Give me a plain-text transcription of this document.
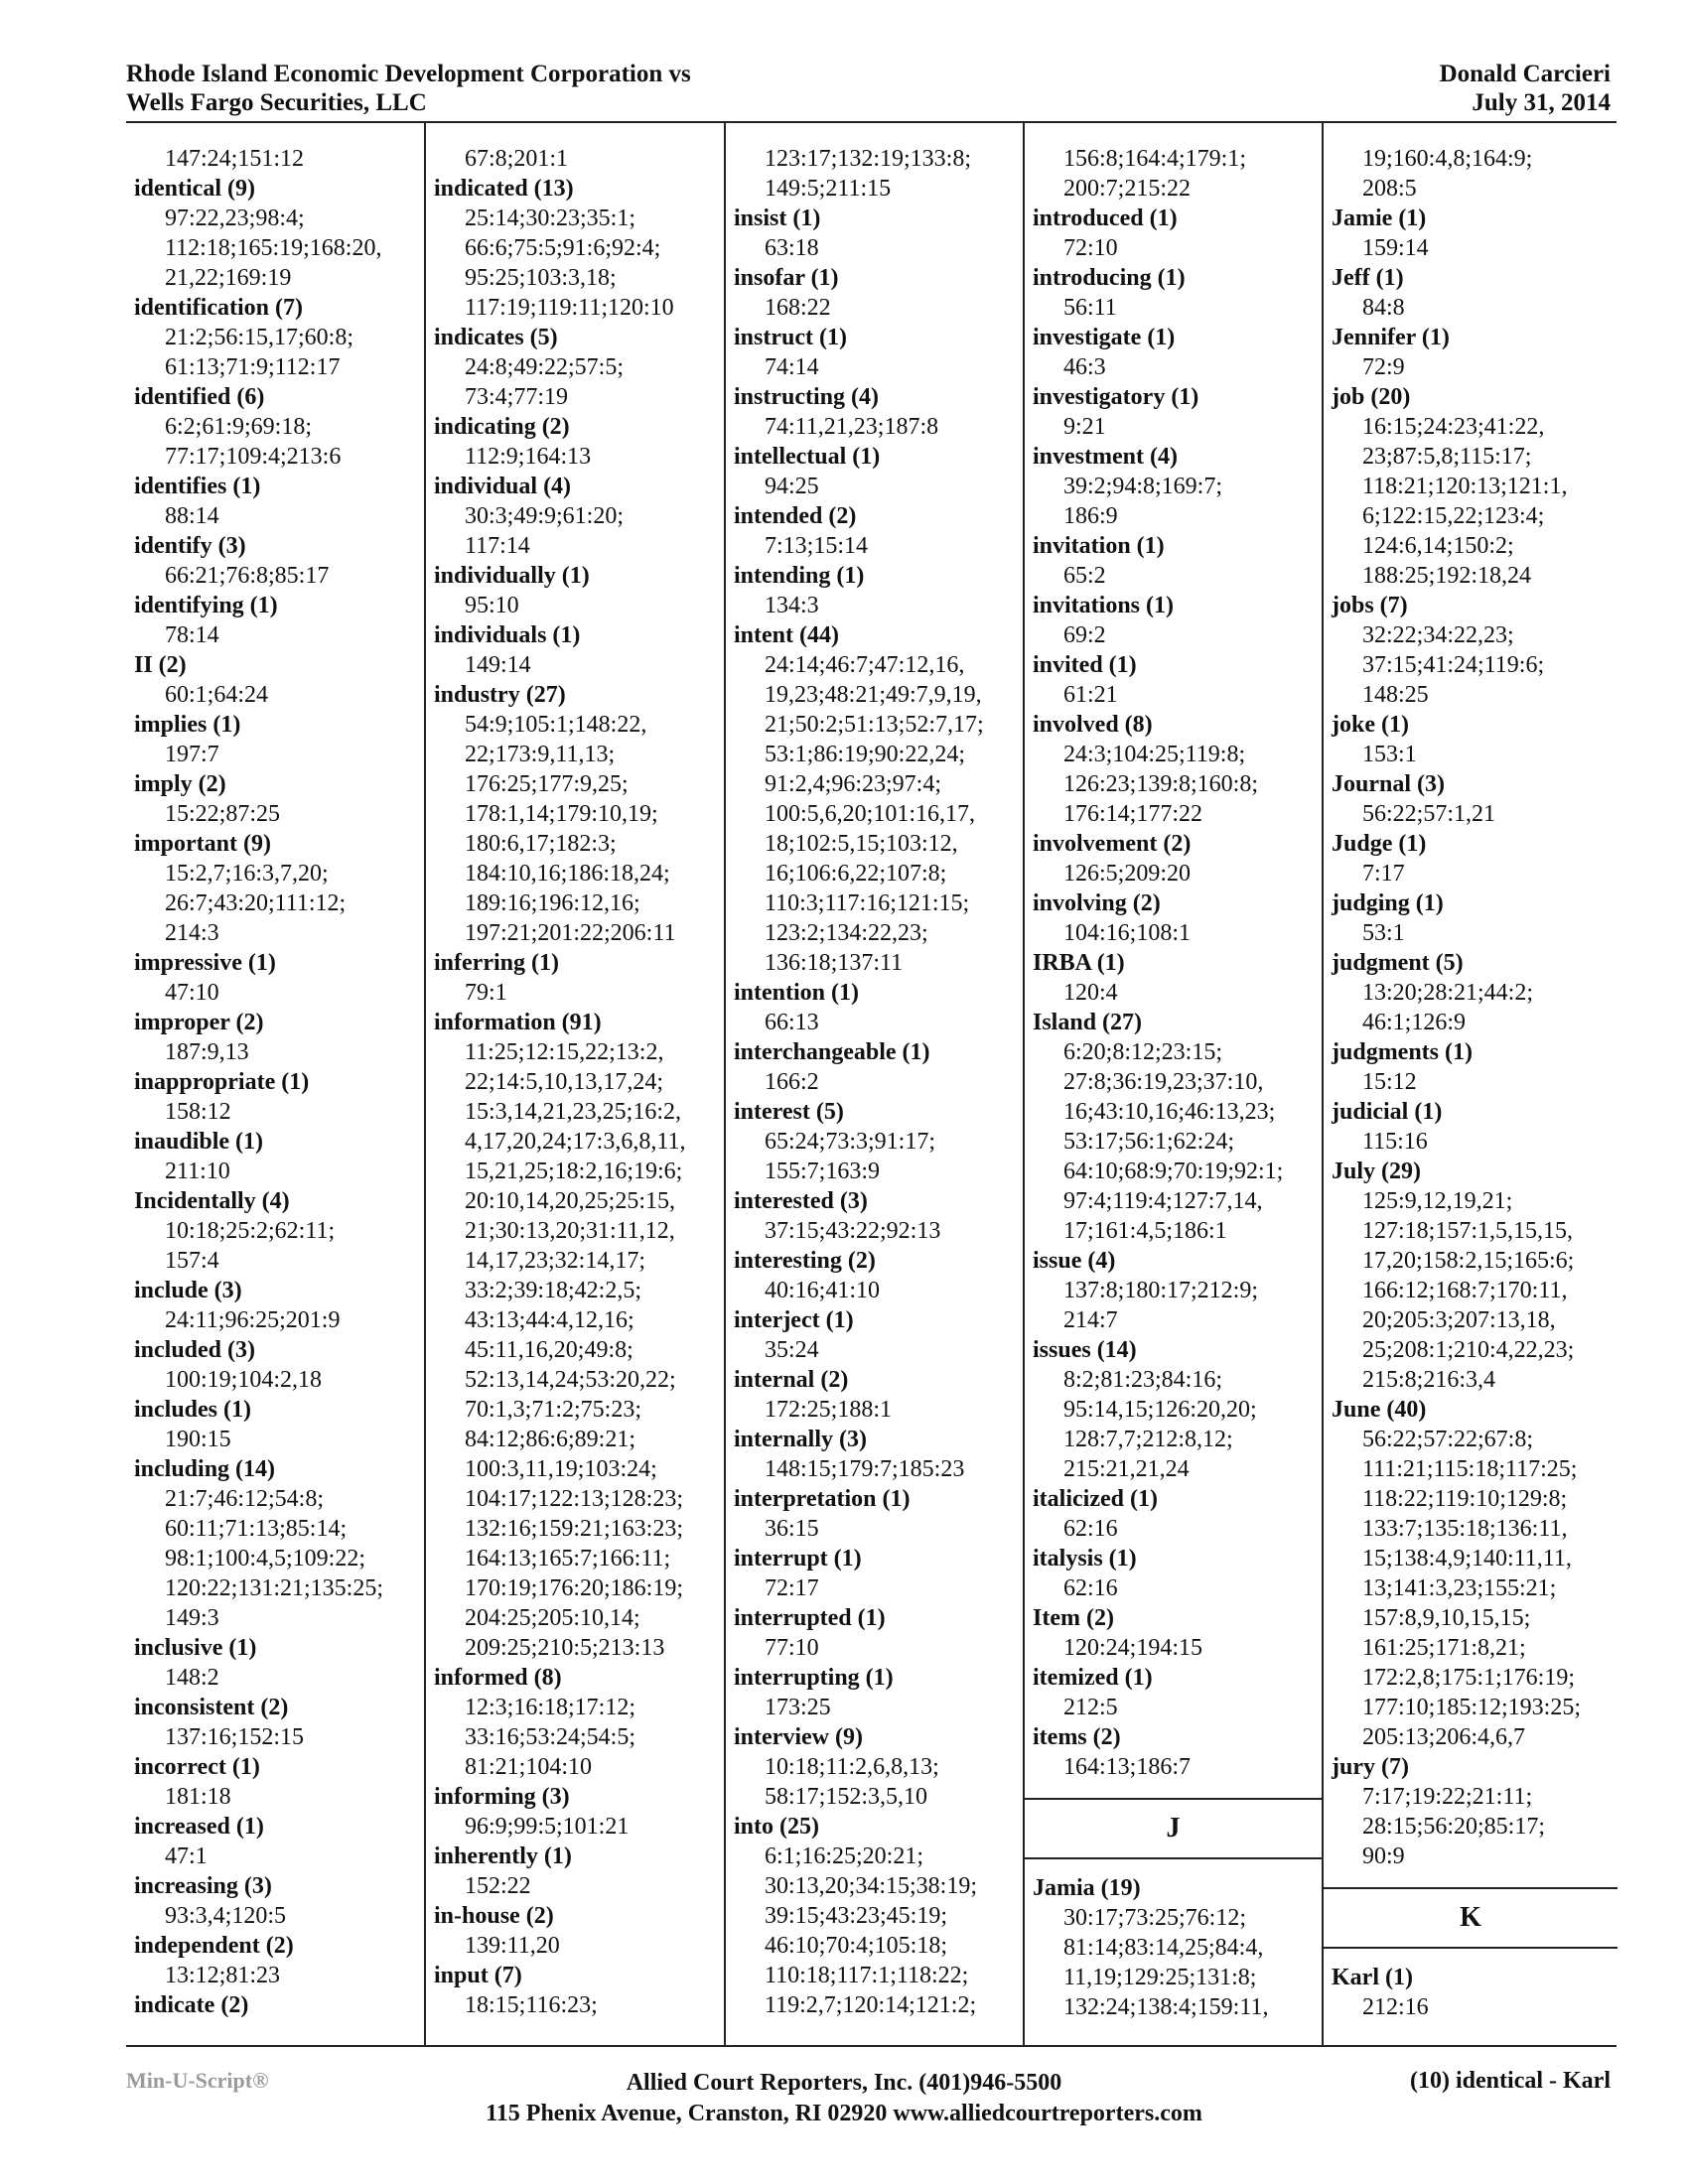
Rhode Island Economic Development Corporation vs
Wells Fargo Securities, LLC
Donald Carcieri
July 31, 2014
147:24;151:12
identical (9)
97:22,23;98:4;
112:18;165:19;168:20,
21,22;169:19
identification (7)
21:2;56:15,17;60:8;
61:13;71:9;112:17
identified (6)
6:2;61:9;69:18;
77:17;109:4;213:6
identifies (1)
88:14
identify (3)
66:21;76:8;85:17
identifying (1)
78:14
II (2)
60:1;64:24
implies (1)
197:7
imply (2)
15:22;87:25
important (9)
15:2,7;16:3,7,20;
26:7;43:20;111:12;
214:3
impressive (1)
47:10
improper (2)
187:9,13
inappropriate (1)
158:12
inaudible (1)
211:10
Incidentally (4)
10:18;25:2;62:11;
157:4
include (3)
24:11;96:25;201:9
included (3)
100:19;104:2,18
includes (1)
190:15
including (14)
21:7;46:12;54:8;
60:11;71:13;85:14;
98:1;100:4,5;109:22;
120:22;131:21;135:25;
149:3
inclusive (1)
148:2
inconsistent (2)
137:16;152:15
incorrect (1)
181:18
increased (1)
47:1
increasing (3)
93:3,4;120:5
independent (2)
13:12;81:23
indicate (2)
67:8;201:1
indicated (13)
25:14;30:23;35:1;
66:6;75:5;91:6;92:4;
95:25;103:3,18;
117:19;119:11;120:10
indicates (5)
24:8;49:22;57:5;
73:4;77:19
indicating (2)
112:9;164:13
individual (4)
30:3;49:9;61:20;
117:14
individually (1)
95:10
individuals (1)
149:14
industry (27)
54:9;105:1;148:22,
22;173:9,11,13;
176:25;177:9,25;
178:1,14;179:10,19;
180:6,17;182:3;
184:10,16;186:18,24;
189:16;196:12,16;
197:21;201:22;206:11
inferring (1)
79:1
information (91)
11:25;12:15,22;13:2,
22;14:5,10,13,17,24;
15:3,14,21,23,25;16:2,
4,17,20,24;17:3,6,8,11,
15,21,25;18:2,16;19:6;
20:10,14,20,25;25:15,
21;30:13,20;31:11,12,
14,17,23;32:14,17;
33:2;39:18;42:2,5;
43:13;44:4,12,16;
45:11,16,20;49:8;
52:13,14,24;53:20,22;
70:1,3;71:2;75:23;
84:12;86:6;89:21;
100:3,11,19;103:24;
104:17;122:13;128:23;
132:16;159:21;163:23;
164:13;165:7;166:11;
170:19;176:20;186:19;
204:25;205:10,14;
209:25;210:5;213:13
informed (8)
12:3;16:18;17:12;
33:16;53:24;54:5;
81:21;104:10
informing (3)
96:9;99:5;101:21
inherently (1)
152:22
in-house (2)
139:11,20
input (7)
18:15;116:23;
123:17;132:19;133:8;
149:5;211:15
insist (1)
63:18
insofar (1)
168:22
instruct (1)
74:14
instructing (4)
74:11,21,23;187:8
intellectual (1)
94:25
intended (2)
7:13;15:14
intending (1)
134:3
intent (44)
24:14;46:7;47:12,16,
19,23;48:21;49:7,9,19,
21;50:2;51:13;52:7,17;
53:1;86:19;90:22,24;
91:2,4;96:23;97:4;
100:5,6,20;101:16,17,
18;102:5,15;103:12,
16;106:6,22;107:8;
110:3;117:16;121:15;
123:2;134:22,23;
136:18;137:11
intention (1)
66:13
interchangeable (1)
166:2
interest (5)
65:24;73:3;91:17;
155:7;163:9
interested (3)
37:15;43:22;92:13
interesting (2)
40:16;41:10
interject (1)
35:24
internal (2)
172:25;188:1
internally (3)
148:15;179:7;185:23
interpretation (1)
36:15
interrupt (1)
72:17
interrupted (1)
77:10
interrupting (1)
173:25
interview (9)
10:18;11:2,6,8,13;
58:17;152:3,5,10
into (25)
6:1;16:25;20:21;
30:13,20;34:15;38:19;
39:15;43:23;45:19;
46:10;70:4;105:18;
110:18;117:1;118:22;
119:2,7;120:14;121:2;
156:8;164:4;179:1;
200:7;215:22
introduced (1)
72:10
introducing (1)
56:11
investigate (1)
46:3
investigatory (1)
9:21
investment (4)
39:2;94:8;169:7;
186:9
invitation (1)
65:2
invitations (1)
69:2
invited (1)
61:21
involved (8)
24:3;104:25;119:8;
126:23;139:8;160:8;
176:14;177:22
involvement (2)
126:5;209:20
involving (2)
104:16;108:1
IRBA (1)
120:4
Island (27)
6:20;8:12;23:15;
27:8;36:19,23;37:10,
16;43:10,16;46:13,23;
53:17;56:1;62:24;
64:10;68:9;70:19;92:1;
97:4;119:4;127:7,14,
17;161:4,5;186:1
issue (4)
137:8;180:17;212:9;
214:7
issues (14)
8:2;81:23;84:16;
95:14,15;126:20,20;
128:7,7;212:8,12;
215:21,21,24
italicized (1)
62:16
italysis (1)
62:16
Item (2)
120:24;194:15
itemized (1)
212:5
items (2)
164:13;186:7
J
Jamia (19)
30:17;73:25;76:12;
81:14;83:14,25;84:4,
11,19;129:25;131:8;
132:24;138:4;159:11,
19;160:4,8;164:9;
208:5
Jamie (1)
159:14
Jeff (1)
84:8
Jennifer (1)
72:9
job (20)
16:15;24:23;41:22,
23;87:5,8;115:17;
118:21;120:13;121:1,
6;122:15,22;123:4;
124:6,14;150:2;
188:25;192:18,24
jobs (7)
32:22;34:22,23;
37:15;41:24;119:6;
148:25
joke (1)
153:1
Journal (3)
56:22;57:1,21
Judge (1)
7:17
judging (1)
53:1
judgment (5)
13:20;28:21;44:2;
46:1;126:9
judgments (1)
15:12
judicial (1)
115:16
July (29)
125:9,12,19,21;
127:18;157:1,5,15,15,
17,20;158:2,15;165:6;
166:12;168:7;170:11,
20;205:3;207:13,18,
25;208:1;210:4,22,23;
215:8;216:3,4
June (40)
56:22;57:22;67:8;
111:21;115:18;117:25;
118:22;119:10;129:8;
133:7;135:18;136:11,
15;138:4,9;140:11,11,
13;141:3,23;155:21;
157:8,9,10,15,15;
161:25;171:8,21;
172:2,8;175:1;176:19;
177:10;185:12;193:25;
205:13;206:4,6,7
jury (7)
7:17;19:22;21:11;
28:15;56:20;85:17;
90:9
K
Karl (1)
212:16
Min-U-Script®	Allied Court Reporters, Inc. (401)946-5500
115 Phenix Avenue, Cranston, RI 02920 www.alliedcourtreporters.com
(10) identical - Karl
